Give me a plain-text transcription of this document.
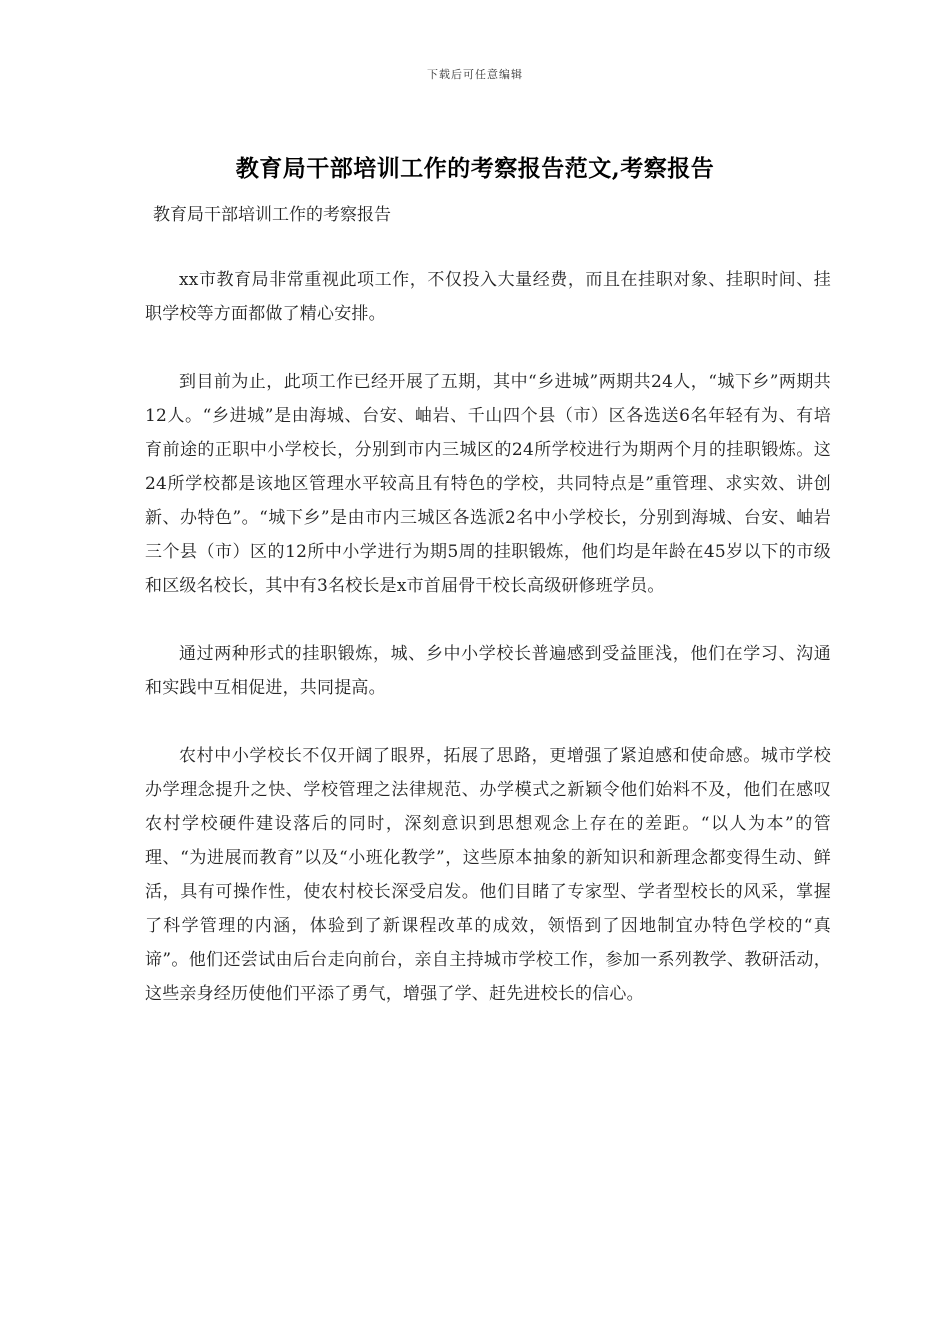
下载后可任意编辑
教育局干部培训工作的考察报告范文,考察报告
教育局干部培训工作的考察报告

xx市教育局非常重视此项工作，不仅投入大量经费，而且在挂职对象、挂职时间、挂职学校等方面都做了精心安排。

到目前为止，此项工作已经开展了五期，其中“乡进城”两期共24人，“城下乡”两期共12人。“乡进城”是由海城、台安、岫岩、千山四个县（市）区各选送6名年轻有为、有培育前途的正职中小学校长，分别到市内三城区的24所学校进行为期两个月的挂职锻炼。这24所学校都是该地区管理水平较高且有特色的学校，共同特点是”重管理、求实效、讲创新、办特色”。“城下乡”是由市内三城区各选派2名中小学校长，分别到海城、台安、岫岩三个县（市）区的12所中小学进行为期5周的挂职锻炼，他们均是年龄在45岁以下的市级和区级名校长，其中有3名校长是x市首届骨干校长高级研修班学员。

通过两种形式的挂职锻炼，城、乡中小学校长普遍感到受益匪浅，他们在学习、沟通和实践中互相促进，共同提高。

农村中小学校长不仅开阔了眼界，拓展了思路，更增强了紧迫感和使命感。城市学校办学理念提升之快、学校管理之法律规范、办学模式之新颖令他们始料不及，他们在感叹农村学校硬件建设落后的同时，深刻意识到思想观念上存在的差距。“以人为本”的管理、“为进展而教育”以及“小班化教学”，这些原本抽象的新知识和新理念都变得生动、鲜活，具有可操作性，使农村校长深受启发。他们目睹了专家型、学者型校长的风采，掌握了科学管理的内涵，体验到了新课程改革的成效，领悟到了因地制宜办特色学校的“真谛”。他们还尝试由后台走向前台，亲自主持城市学校工作，参加一系列教学、教研活动，这些亲身经历使他们平添了勇气，增强了学、赶先进校长的信心。
